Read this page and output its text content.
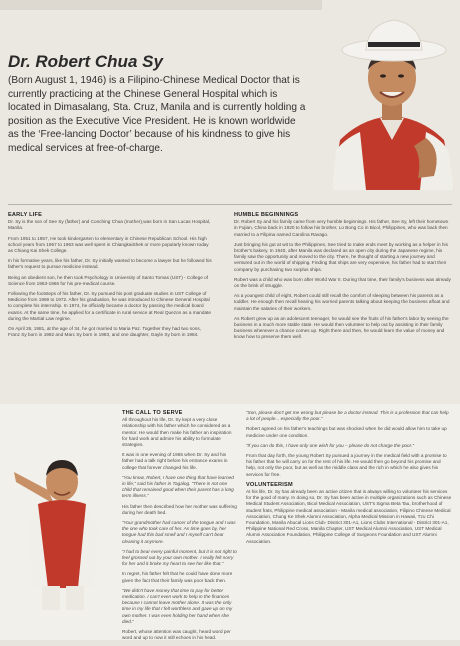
Dr. Robert Chua Sy

(Born August 1, 1946) is a Filipino-Chinese Medical Doctor that is currently practicing at the Chinese General Hospital which is located in Dimasalang, Sta. Cruz, Manila and is currently holding a position as the Executive Vice President. He is known worldwide as the ‘Free-lancing Doctor’ because of his kindness to give his medical services at free-of-charge.

EARLY LIFE

Dr. Sy is the son of See Sy (father) and Conching Chua (mother),was born in San Lucas Hospital, Manila.

From 1951 to 1957, He took kindergarten to elementary in Chinese Republican School. His high school years from 1957 to 1963 was well spent in ChiangkaiShek or more popularly known today as Chiang Kai Shek College.

In his formative years, like his father, Dr. Sy initially wanted to become a lawyer but he followed his father's request to pursue medicine instead.

Being an obedient son, he then took Psychology in University of Santo Tomas (UST) - College of Science from 1963-1966 for his pre-medical course.

Following the footsteps of his father, Dr. Sy pursued his post graduate studies in UST College of Medicine from 1969 to 1972. After his graduation, he was introduced to Chinese General Hospital to complete his internship. In 1974, he officially became a doctor by passing the medical board exams. At the same time, he applied for a certificate in rural service at Real Quezon as a mandate during the Martial Law regime.

On April 26, 1981, at the age of 34, he got married to Maria Paz. Together they had two sons, Franz Sy born in 1982 and Marc Sy born in 1983, and one daughter, Gayle Sy born in 1984.

HUMBLE BEGINNINGS

Dr. Robert Sy and his family came from very humble beginnings. His father, See Sy, left their hometown in Fujian, China back in 1920 to follow his brother, Lo Bong Co in Bicol, Philippines, who was back then married to a Filipina named Carolina Ravago.

Just bringing his gut at wit to the Philippines, See tried to make ends meet by working as a helper in his brother's bakery. In 1940, after Manila was declared as an open city during the Japanese regime, his family saw the opportunity and moved to the city. There, he thought of starting a new journey and ventured out in the world of shipping. Finding that ships are very expensive, his father had to start their company by purchasing two surplus ships.

Robert was a child who was born after World War II. During that time, their family's business was already on the brink of struggle.

As a youngest child of eight, Robert could still recall the comfort of sleeping between his parents as a toddler. He enough then recall hearing his worried parents talking about keeping the business afloat and maintain the salaries of their workers.

As Robert grew up as an adolescent teenager, he would see the fruits of his father's labor by seeing the business in a much more stable state. He would then volunteer to help out by assisting in their family business whenever a chance comes up. Right there and then, he would learn the value of money and know how to preserve them well.

THE CALL TO SERVE

All throughout his life, Dr. Sy kept a very close relationship with his father which he considered as a mentor. He would then make his father an inspiration for hard work and admire his ability to formulate strategies.

It was in one evening of 1965 when Dr. Sy and his father had a talk right before his entrance exams in college that forever changed his life.

“You know, Robert, I have one thing that have learned in life,” said his father in Tagalog. “There is not one child that remained good when their parent has a long term illness.”

His father then described how her mother was suffering during her death bed.

“Your grandmother had cancer of the tongue and I was the one who took care of her. As time goes by, her tongue had this bad smell and I myself can't bear cleaning it anymore.

“I had to bear every painful moment, but it is not right to feel grossed out by your own mother. I really felt sorry for her and it broke my heart to see her like that.”

In regret, his father felt that he could have done more given the fact that their family was poor back then.

“We didn't have money that time to pay for better medication. I can't even work to help in the finances because I cannot leave mother alone. It was the only time in my life that I felt worthless and gave up on my own mother. I was even holding her hand when she died.”

Robert, whose attention was caught, heard word per word and up to now it still echoes in his head.

“Son, please don't get me wrong but please be a doctor instead. This is a profession that can help a lot of people... especially the poor.”

Robert agreed on his father's teachings but was shocked when he did would allow him to take up medicine under one condition.

“If you can do this, I have only one wish for you – please do not charge the poor.”

From that day forth, the young Robert Sy pursued a journey in the medical field with a promise to his father that he will carry on for the rest of his life. He would then go beyond his promise and help, not only the poor, but as well as the middle class and the rich in which he also gives his services for free.

VOLUNTEERISM

At his life, Dr. Sy has already been an active citizen that is always willing to volunteer his services for the good of many. In doing so, Dr. Sy has been active in multiple organizations such as Chinese Medical Student Association, Bicol Medical Association, UST's Sigma Beta Tau, brotherhood of student frats, Philippine medical association - Manila medical association, Filipino Chinese Medical Association, Chung Ke Shek Alumni Association, Alpha Medical Mission in Hawaii, Tzu Chi Foundation, Manila Abucal Lions Club- District 301-A1, Lions Clubs International - District 301-A1, Philippine National Red Cross, Manila Chapter, UST Medical Alumni Association, UST Medical Alumni Association Foundation, Philippine College of Surgeons Foundation and UST Alumni Association.
